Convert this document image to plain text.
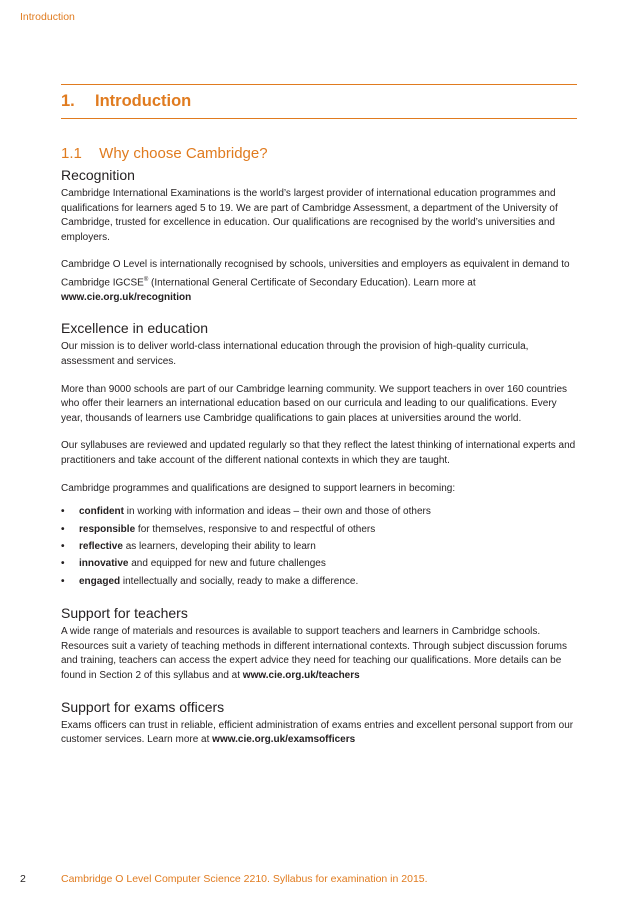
Introduction
1.	Introduction
1.1 Why choose Cambridge?
Recognition

Cambridge International Examinations is the world’s largest provider of international education programmes and qualifications for learners aged 5 to 19. We are part of Cambridge Assessment, a department of the University of Cambridge, trusted for excellence in education. Our qualifications are recognised by the world’s universities and employers.

Cambridge O Level is internationally recognised by schools, universities and employers as equivalent in demand to Cambridge IGCSE® (International General Certificate of Secondary Education). Learn more at www.cie.org.uk/recognition

Excellence in education

Our mission is to deliver world-class international education through the provision of high-quality curricula, assessment and services.

More than 9000 schools are part of our Cambridge learning community. We support teachers in over 160 countries who offer their learners an international education based on our curricula and leading to our qualifications. Every year, thousands of learners use Cambridge qualifications to gain places at universities around the world.

Our syllabuses are reviewed and updated regularly so that they reflect the latest thinking of international experts and practitioners and take account of the different national contexts in which they are taught.

Cambridge programmes and qualifications are designed to support learners in becoming:

•	confident in working with information and ideas – their own and those of others
•	responsible for themselves, responsive to and respectful of others
•	reflective as learners, developing their ability to learn
•	innovative and equipped for new and future challenges
•	engaged intellectually and socially, ready to make a difference.
Support for teachers

A wide range of materials and resources is available to support teachers and learners in Cambridge schools. Resources suit a variety of teaching methods in different international contexts. Through subject discussion forums and training, teachers can access the expert advice they need for teaching our qualifications. More details can be found in Section 2 of this syllabus and at www.cie.org.uk/teachers

Support for exams officers

Exams officers can trust in reliable, efficient administration of exams entries and excellent personal support from our customer services. Learn more at www.cie.org.uk/examsofficers

2	Cambridge O Level Computer Science 2210. Syllabus for examination in 2015.
